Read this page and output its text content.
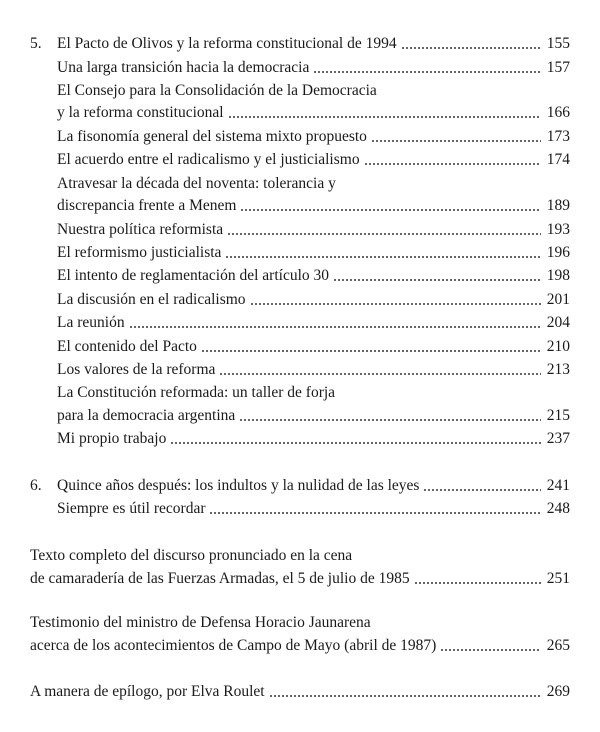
5. El Pacto de Olivos y la reforma constitucional de 1994	155
Una larga transición hacia la democracia	157
El Consejo para la Consolidación de la Democracia
y la reforma constitucional	166
La fisonomía general del sistema mixto propuesto	173
El acuerdo entre el radicalismo y el justicialismo	174
Atravesar la década del noventa: tolerancia y
discrepancia frente a Menem	189
Nuestra política reformista	193
El reformismo justicialista	196
El intento de reglamentación del artículo 30	198
La discusión en el radicalismo	201
La reunión	204
El contenido del Pacto	210
Los valores de la reforma	213
La Constitución reformada: un taller de forja
para la democracia argentina	215
Mi propio trabajo	237
6. Quince años después: los indultos y la nulidad de las leyes	241
Siempre es útil recordar	248
Texto completo del discurso pronunciado en la cena
de camaradería de las Fuerzas Armadas, el 5 de julio de 1985	251
Testimonio del ministro de Defensa Horacio Jaunarena
acerca de los acontecimientos de Campo de Mayo (abril de 1987)	265
A manera de epílogo, por Elva Roulet	269
